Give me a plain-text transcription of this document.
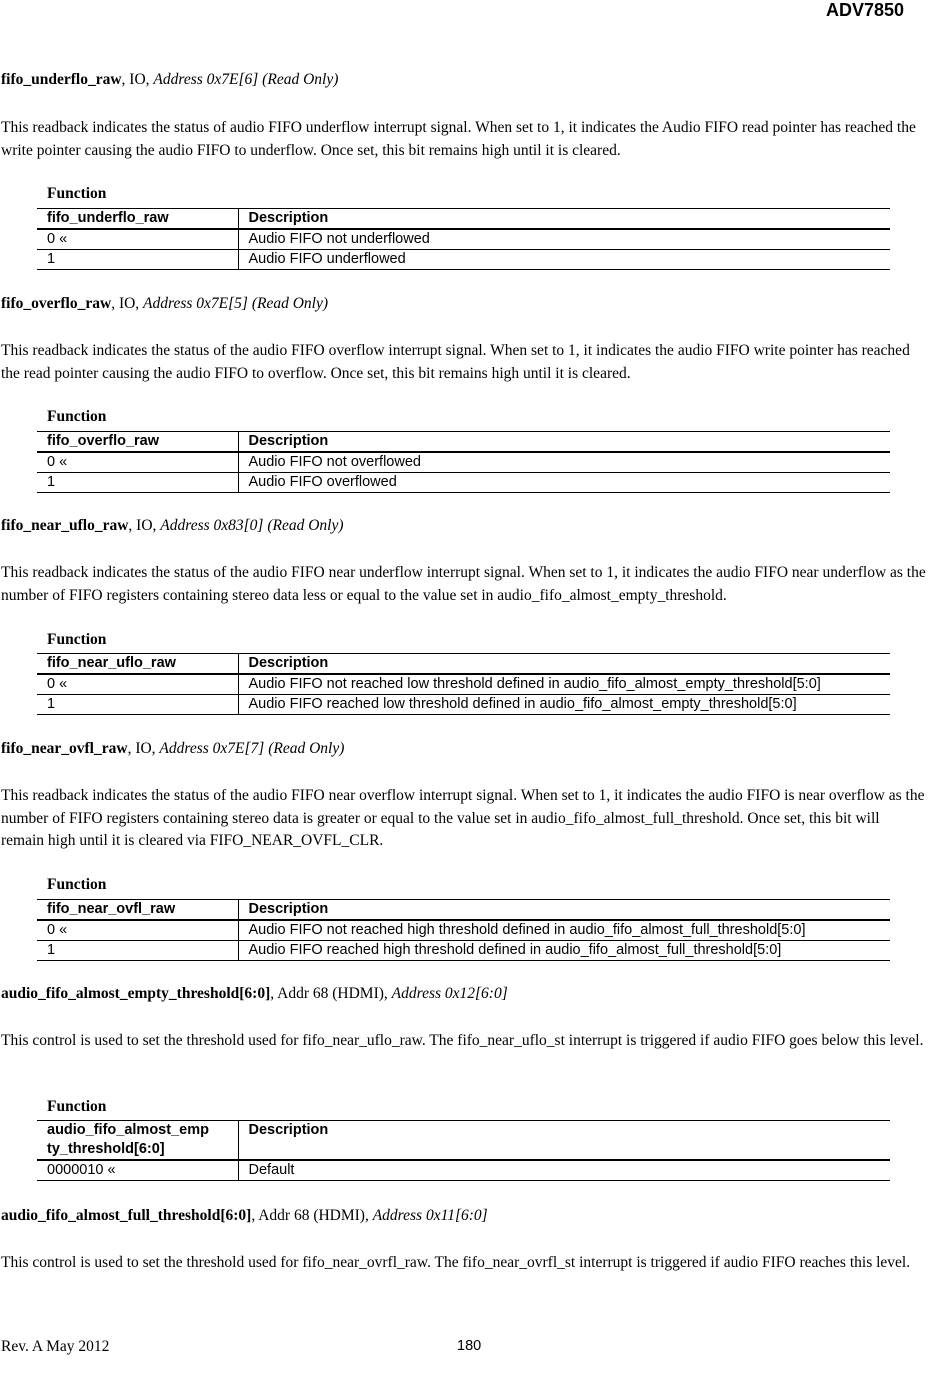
ADV7850
fifo_underflo_raw, IO, Address 0x7E[6] (Read Only)
This readback indicates the status of audio FIFO underflow interrupt signal. When set to 1, it indicates the Audio FIFO read pointer has reached the write pointer causing the audio FIFO to underflow. Once set, this bit remains high until it is cleared.
Function
fifo_underflo_raw	Description
0 «	Audio FIFO not underflowed
1	Audio FIFO underflowed
fifo_overflo_raw, IO, Address 0x7E[5] (Read Only)
This readback indicates the status of the audio FIFO overflow interrupt signal. When set to 1, it indicates the audio FIFO write pointer has reached the read pointer causing the audio FIFO to overflow. Once set, this bit remains high until it is cleared.
Function
fifo_overflo_raw	Description
0 «	Audio FIFO not overflowed
1	Audio FIFO overflowed
fifo_near_uflo_raw, IO, Address 0x83[0] (Read Only)
This readback indicates the status of the audio FIFO near underflow interrupt signal. When set to 1, it indicates the audio FIFO near underflow as the number of FIFO registers containing stereo data less or equal to the value set in audio_fifo_almost_empty_threshold.
Function
fifo_near_uflo_raw	Description
0 «	Audio FIFO not reached low threshold defined in audio_fifo_almost_empty_threshold[5:0]
1	Audio FIFO reached low threshold defined in audio_fifo_almost_empty_threshold[5:0]
fifo_near_ovfl_raw, IO, Address 0x7E[7] (Read Only)
This readback indicates the status of the audio FIFO near overflow interrupt signal. When set to 1, it indicates the audio FIFO is near overflow as the number of FIFO registers containing stereo data is greater or equal to the value set in audio_fifo_almost_full_threshold. Once set, this bit will remain high until it is cleared via FIFO_NEAR_OVFL_CLR.
Function
fifo_near_ovfl_raw	Description
0 «	Audio FIFO not reached high threshold defined in audio_fifo_almost_full_threshold[5:0]
1	Audio FIFO reached high threshold defined in audio_fifo_almost_full_threshold[5:0]
audio_fifo_almost_empty_threshold[6:0], Addr 68 (HDMI), Address 0x12[6:0]
This control is used to set the threshold used for fifo_near_uflo_raw. The fifo_near_uflo_st interrupt is triggered if audio FIFO goes below this level.
Function
audio_fifo_almost_emp ty_threshold[6:0]	Description
0000010 «	Default
audio_fifo_almost_full_threshold[6:0], Addr 68 (HDMI), Address 0x11[6:0]
This control is used to set the threshold used for fifo_near_ovrfl_raw. The fifo_near_ovrfl_st interrupt is triggered if audio FIFO reaches this level.
Rev. A May 2012	180
